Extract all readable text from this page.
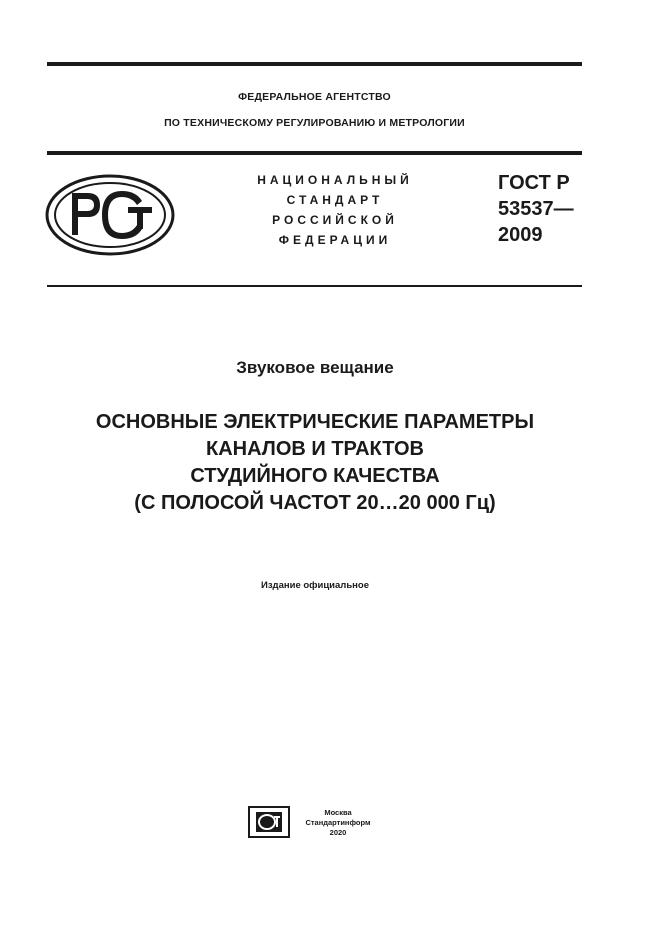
ФЕДЕРАЛЬНОЕ АГЕНТСТВО
ПО ТЕХНИЧЕСКОМУ РЕГУЛИРОВАНИЮ И МЕТРОЛОГИИ
НАЦИОНАЛЬНЫЙ
СТАНДАРТ
РОССИЙСКОЙ
ФЕДЕРАЦИИ
ГОСТ Р
53537—
2009
Звуковое вещание
ОСНОВНЫЕ ЭЛЕКТРИЧЕСКИЕ ПАРАМЕТРЫ
КАНАЛОВ И ТРАКТОВ
СТУДИЙНОГО КАЧЕСТВА
(С ПОЛОСОЙ ЧАСТОТ 20…20 000 Гц)
Издание официальное
Москва
Стандартинформ
2020
